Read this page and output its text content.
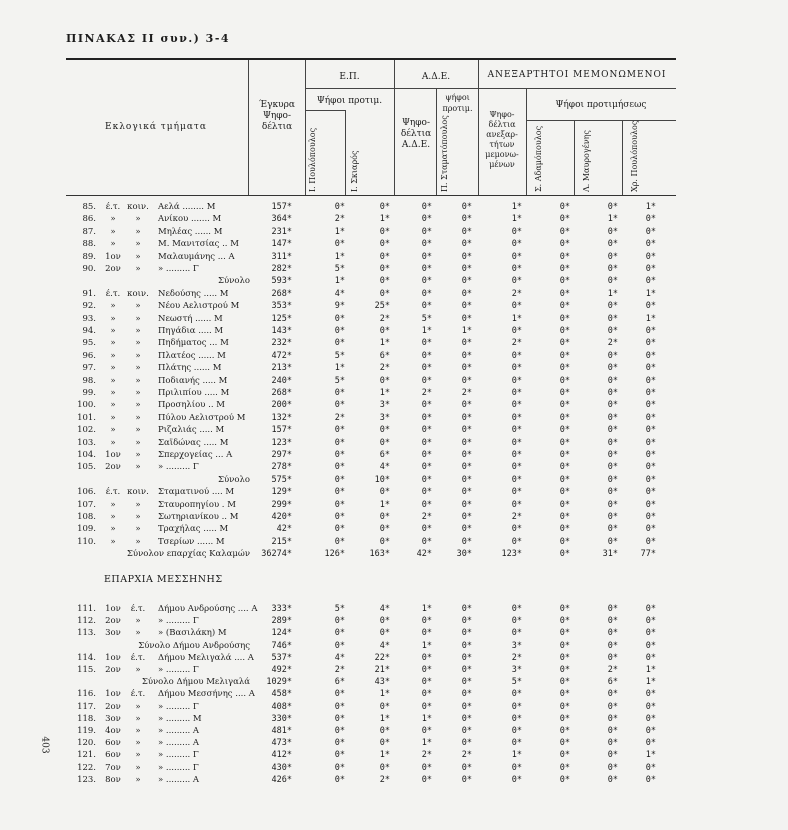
ΠΙΝΑΚΑΣ ΙΙ συν.) 3-4
Εκλογικά τμήματα
Έγκυρα
Ψηφο-
δέλτια
Ε.Π.
Ψήφοι προτιμ.
Α.Δ.Ε.
Ψηφο-
δέλτια
Α.Δ.Ε.
ψήφοι
προτιμ.
ΑΝΕΞΑΡΤΗΤΟΙ ΜΕΜΟΝΩΜΕΝΟΙ
Ψηφο-
δέλτια
ανεξαρ-
τήτων
μεμονω-
μένων
Ψήφοι προτιμήσεως
Ι. Πουλόπουλος	Ι. Σκιαρός	Π. Σταματόπουλος	Σ. Αδαμόπουλος	Λ. Μαυρογένης	Χρ. Πουλόπουλος
85.	έ.τ. κοιν.	Αελά ........ Μ	157*	0*	0*	0*	0*	1*	0*	0*	1*
86.	»	»	Ανίκου ....... Μ	364*	2*	1*	0*	0*	1*	0*	1*	0*
87.	»	»	Μηλέας ...... Μ	231*	1*	0*	0*	0*	0*	0*	0*	0*
88.	»	»	Μ. Μανιτσίας .. Μ	147*	0*	0*	0*	0*	0*	0*	0*	0*
89.	1ον	»	Μαλαυμάνης ... Α	311*	1*	0*	0*	0*	0*	0*	0*	0*
90.	2ον	»	» ......... Γ	282*	5*	0*	0*	0*	0*	0*	0*	0*
Σύνολο	593*	1*	0*	0*	0*	0*	0*	0*	0*
91.	έ.τ. κοιν.	Νεδούσης ..... Μ	268*	4*	0*	0*	0*	2*	0*	1*	1*
92.	»	»	Νέου Αελιστρού Μ	353*	9*	25*	0*	0*	0*	0*	0*	0*
93.	»	»	Νεωστή ...... Μ	125*	0*	2*	5*	0*	1*	0*	0*	1*
94.	»	»	Πηγάδια ..... Μ	143*	0*	0*	1*	1*	0*	0*	0*	0*
95.	»	»	Πηδήματος ... Μ	232*	0*	1*	0*	0*	2*	0*	2*	0*
96.	»	»	Πλατέος ...... Μ	472*	5*	6*	0*	0*	0*	0*	0*	0*
97.	»	»	Πλάτης ...... Μ	213*	1*	2*	0*	0*	0*	0*	0*	0*
98.	»	»	Ποδιανής ..... Μ	240*	5*	0*	0*	0*	0*	0*	0*	0*
99.	»	»	Πριλιπίου ..... Μ	268*	0*	1*	2*	2*	0*	0*	0*	0*
100.	»	»	Προσηλίου .. Μ	200*	0*	3*	0*	0*	0*	0*	0*	0*
101.	»	»	Πύλου Αελιστρού Μ	132*	2*	3*	0*	0*	0*	0*	0*	0*
102.	»	»	Ριζαλιάς ..... Μ	157*	0*	0*	0*	0*	0*	0*	0*	0*
103.	»	»	Σαϊδώνας ..... Μ	123*	0*	0*	0*	0*	0*	0*	0*	0*
104.	1ον	»	Σπερχογείας ... Α	297*	0*	6*	0*	0*	0*	0*	0*	0*
105.	2ον	»	» ......... Γ	278*	0*	4*	0*	0*	0*	0*	0*	0*
Σύνολο	575*	0*	10*	0*	0*	0*	0*	0*	0*
106.	έ.τ. κοιν.	Σταματινού .... Μ	129*	0*	0*	0*	0*	0*	0*	0*	0*
107.	»	»	Σταυροπηγίου . Μ	299*	0*	1*	0*	0*	0*	0*	0*	0*
108.	»	»	Σωτηριανίκου .. Μ	420*	0*	0*	2*	0*	2*	0*	0*	0*
109.	»	»	Τραχήλας ..... Μ	42*	0*	0*	0*	0*	0*	0*	0*	0*
110.	»	»	Τσερίων ...... Μ	215*	0*	0*	0*	0*	0*	0*	0*	0*
Σύνολον επαρχίας Καλαμών 36274*	126*	163*	42*	30*	123*	0*	31*	77*
111.	1ον	έ.τ.	Δήμου Ανδρούσης .... Α 333*	5*	4*	1*	0*	0*	0*	0*	0*
112.	2ον	»	» ......... Γ	289*	0*	0*	0*	0*	0*	0*	0*	0*
113.	3ον	»	» (Βασιλάκη) Μ	124*	0*	0*	0*	0*	0*	0*	0*	0*
Σύνολο Δήμου Ανδρούσης	746*	0*	4*	1*	0*	3*	0*	0*	0*
114.	1ον	έ.τ.	Δήμου Μελιγαλά .... Α 537*	4*	22*	0*	0*	2*	0*	0*	0*
115.	2ον	»	» ......... Γ	492*	2*	21*	0*	0*	3*	0*	2*	1*
Σύνολο Δήμου Μελιγαλά 1029*	6*	43*	0*	0*	5*	0*	6*	1*
116.	1ον	έ.τ.	Δήμου Μεσσήνης .... Α 458*	0*	1*	0*	0*	0*	0*	0*	0*
117.	2ον	»	» ......... Γ	408*	0*	0*	0*	0*	0*	0*	0*	0*
118.	3ον	»	» ......... Μ	330*	0*	1*	1*	0*	0*	0*	0*	0*
119.	4ον	»	» ......... Α	481*	0*	0*	0*	0*	0*	0*	0*	0*
120.	6ον	»	» ......... Α	473*	0*	0*	1*	0*	0*	0*	0*	0*
121.	6ον	»	» ......... Γ	412*	0*	1*	2*	2*	1*	0*	0*	1*
122.	7ον	»	» ......... Γ	430*	0*	0*	0*	0*	0*	0*	0*	0*
123.	8ον	»	» ......... Α	426*	0*	2*	0*	0*	0*	0*	0*	0*
ΕΠΑΡΧΙΑ ΜΕΣΣΗΝΗΣ
403
